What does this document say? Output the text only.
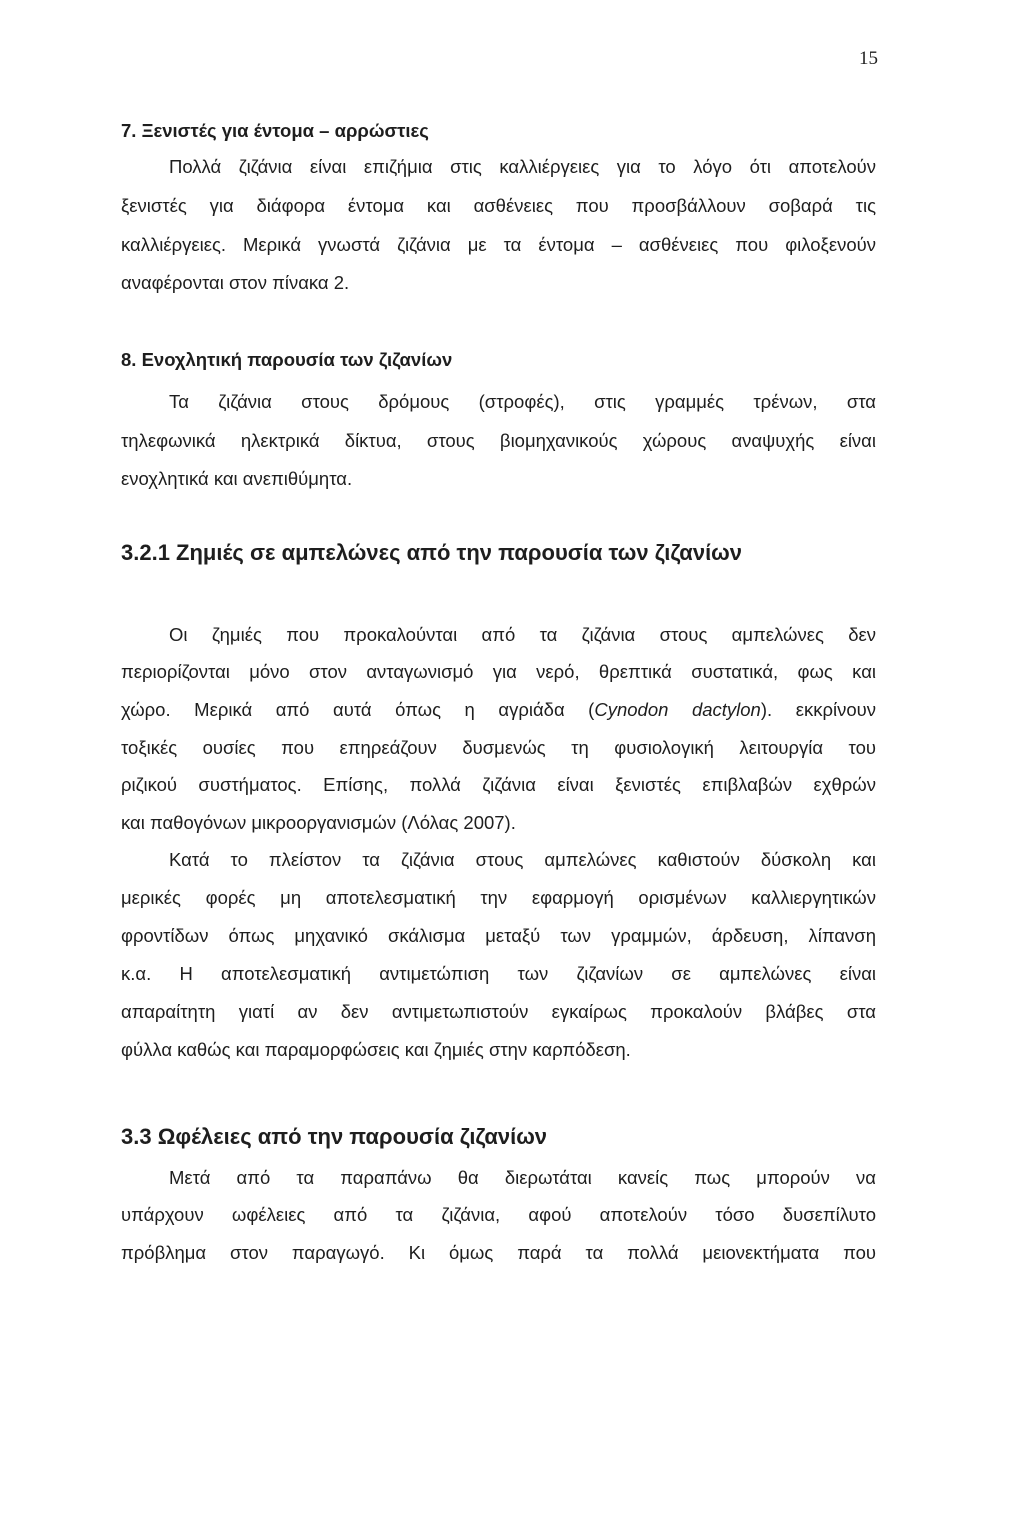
15
7. Ξενιστές για έντομα – αρρώστιες
Πολλά ζιζάνια είναι επιζήμια στις καλλιέργειες για το λόγο ότι αποτελούν
ξενιστές για διάφορα έντομα και ασθένειες που προσβάλλουν σοβαρά τις
καλλιέργειες. Μερικά γνωστά ζιζάνια με τα έντομα – ασθένειες που φιλοξενούν
αναφέρονται στον πίνακα 2.
8. Ενοχλητική παρουσία των ζιζανίων
Τα ζιζάνια στους δρόμους (στροφές), στις γραμμές τρένων, στα
τηλεφωνικά ηλεκτρικά δίκτυα, στους βιομηχανικούς χώρους αναψυχής είναι
ενοχλητικά και ανεπιθύμητα.
3.2.1 Ζημιές σε αμπελώνες από την παρουσία των ζιζανίων
Οι ζημιές που προκαλούνται από τα ζιζάνια στους αμπελώνες δεν
περιορίζονται μόνο στον ανταγωνισμό για νερό, θρεπτικά συστατικά, φως και
χώρο. Μερικά από αυτά όπως η αγριάδα (Cynodon dactylon). εκκρίνουν
τοξικές ουσίες που επηρεάζουν δυσμενώς τη φυσιολογική λειτουργία του
ριζικού συστήματος. Επίσης, πολλά ζιζάνια είναι ξενιστές επιβλαβών εχθρών
και παθογόνων μικροοργανισμών (Λόλας 2007).
Κατά το πλείστον τα ζιζάνια στους αμπελώνες καθιστούν δύσκολη και
μερικές φορές μη αποτελεσματική την εφαρμογή ορισμένων καλλιεργητικών
φροντίδων όπως μηχανικό σκάλισμα μεταξύ των γραμμών, άρδευση, λίπανση
κ.α. Η αποτελεσματική αντιμετώπιση των ζιζανίων σε αμπελώνες είναι
απαραίτητη γιατί αν δεν αντιμετωπιστούν εγκαίρως προκαλούν βλάβες στα
φύλλα καθώς και παραμορφώσεις και ζημιές στην καρπόδεση.
3.3 Ωφέλειες από την παρουσία ζιζανίων
Μετά από τα παραπάνω θα διερωτάται κανείς πως μπορούν να
υπάρχουν ωφέλειες από τα ζιζάνια, αφού αποτελούν τόσο δυσεπίλυτο
πρόβλημα στον παραγωγό. Κι όμως παρά τα πολλά μειονεκτήματα που
